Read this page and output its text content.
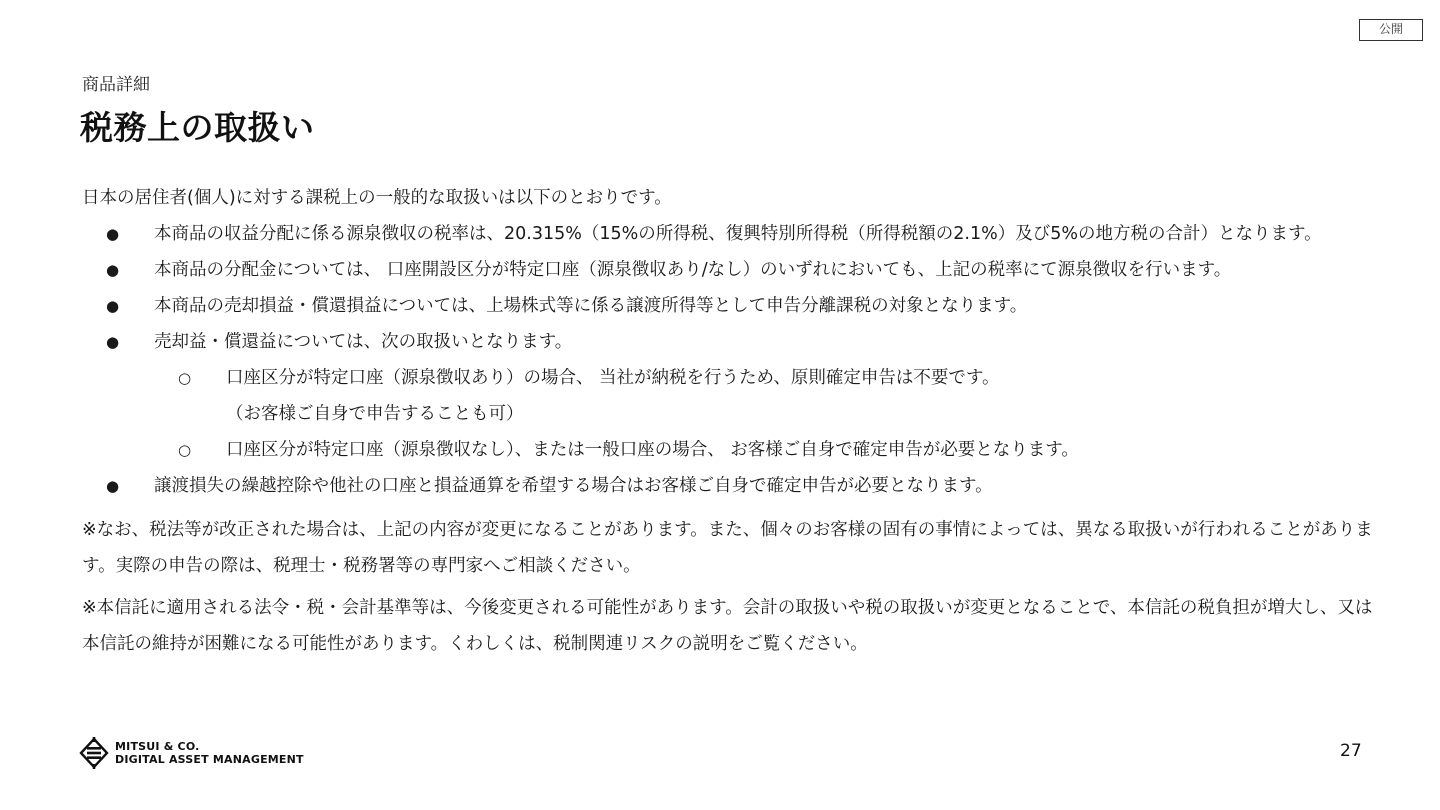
公開
商品詳細
税務上の取扱い

日本の居住者(個人)に対する課税上の一般的な取扱いは以下のとおりです。

● 本商品の収益分配に係る源泉徴収の税率は、20.315%（15%の所得税、復興特別所得税（所得税額の2.1%）及び5%の地方税の合計）となります。
● 本商品の分配金については、 口座開設区分が特定口座（源泉徴収あり/なし）のいずれにおいても、上記の税率にて源泉徴収を行います。
● 本商品の売却損益・償還損益については、上場株式等に係る譲渡所得等として申告分離課税の対象となります。
● 売却益・償還益については、次の取扱いとなります。
○ 口座区分が特定口座（源泉徴収あり）の場合、 当社が納税を行うため、原則確定申告は不要です。
（お客様ご自身で申告することも可）
○ 口座区分が特定口座（源泉徴収なし）、または一般口座の場合、 お客様ご自身で確定申告が必要となります。
● 譲渡損失の繰越控除や他社の口座と損益通算を希望する場合はお客様ご自身で確定申告が必要となります。

※なお、税法等が改正された場合は、上記の内容が変更になることがあります。また、個々のお客様の固有の事情によっては、異なる取扱いが行われることがあります。実際の申告の際は、税理士・税務署等の専門家へご相談ください。

※本信託に適用される法令・税・会計基準等は、今後変更される可能性があります。会計の取扱いや税の取扱いが変更となることで、本信託の税負担が増大し、又は本信託の維持が困難になる可能性があります。くわしくは、税制関連リスクの説明をご覧ください。

MITSUI & CO.
DIGITAL ASSET MANAGEMENT	27
